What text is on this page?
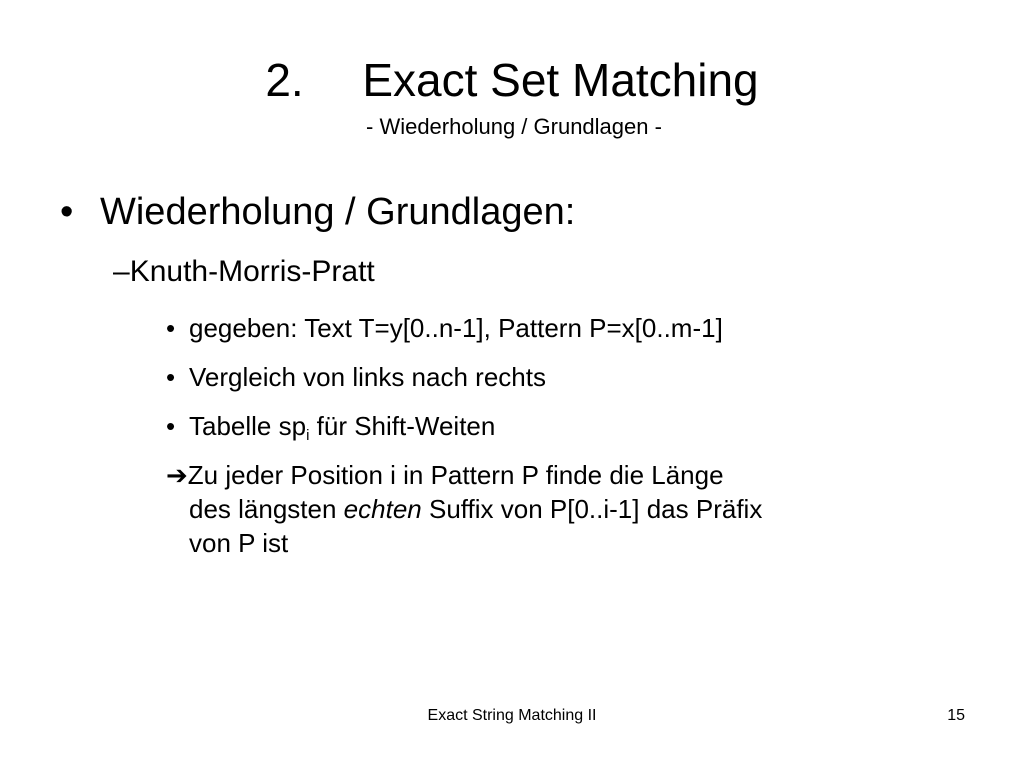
2. Exact Set Matching
- Wiederholung / Grundlagen -
• Wiederholung / Grundlagen:
–Knuth-Morris-Pratt
• gegeben: Text T=y[0..n-1], Pattern P=x[0..m-1]
• Vergleich von links nach rechts
• Tabelle $sp_i$ für Shift-Weiten
➔Zu jeder Position i in Pattern P finde die Länge
des längsten echten Suffix von P[0..i-1] das Präfix
von P ist
Exact String Matching II	15
